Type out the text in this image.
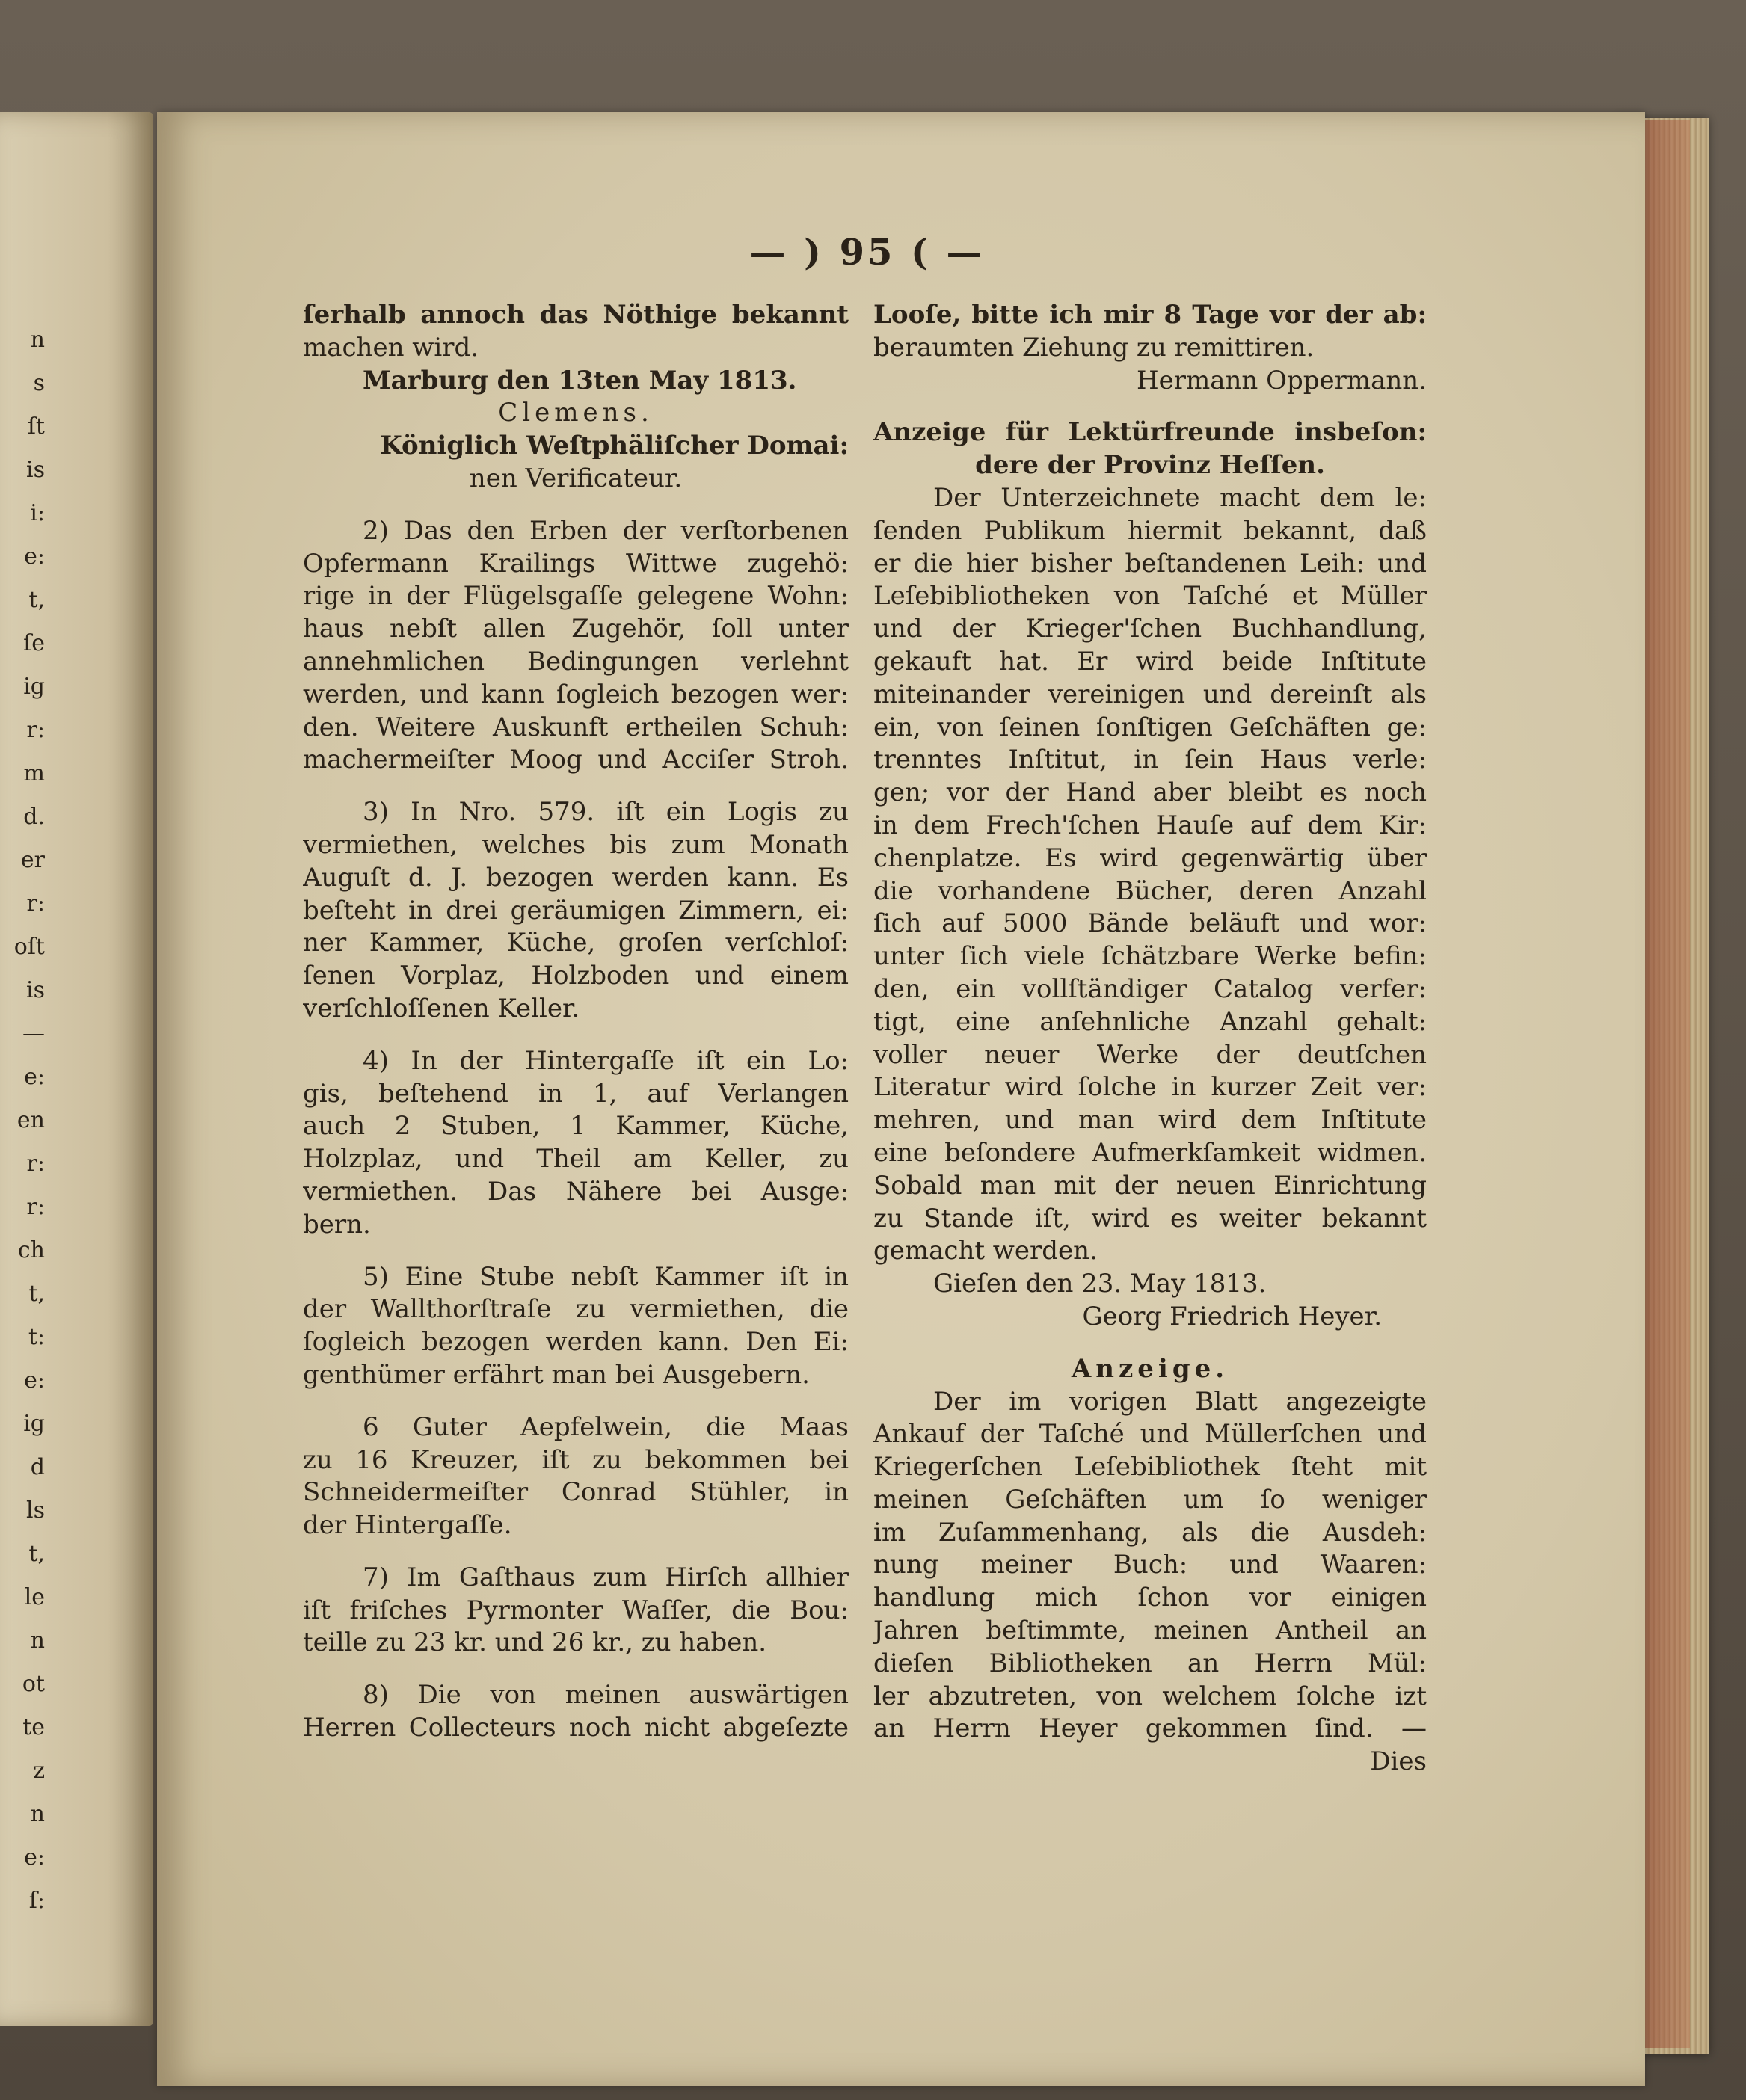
n
s
ſt
is
i:
e:
t,
ſe
ig
r:
m
d.
er
r:
oſt
is
—
e:
en
r:
r:
ch
t,
t:
e:
ig
d
ls
t,
le
n
ot
te
z
n
e:
ſ:
— ) 95 ( —
ſerhalb annoch das Nöthige bekannt
machen wird.
Marburg den 13ten May 1813.
Clemens.
Königlich Weſtphäliſcher Domai:
nen Verificateur.
2) Das den Erben der verſtorbenen
Opfermann Krailings Wittwe zugehö:
rige in der Flügelsgaſſe gelegene Wohn:
haus nebſt allen Zugehör, ſoll unter
annehmlichen Bedingungen verlehnt
werden, und kann ſogleich bezogen wer:
den. Weitere Auskunft ertheilen Schuh:
machermeiſter Moog und Acciſer Stroh.
3) In Nro. 579. iſt ein Logis zu
vermiethen, welches bis zum Monath
Auguſt d. J. bezogen werden kann. Es
beſteht in drei geräumigen Zimmern, ei:
ner Kammer, Küche, groſen verſchloſ:
ſenen Vorplaz, Holzboden und einem
verſchloſſenen Keller.
4) In der Hintergaſſe iſt ein Lo:
gis, beſtehend in 1, auf Verlangen
auch 2 Stuben, 1 Kammer, Küche,
Holzplaz, und Theil am Keller, zu
vermiethen. Das Nähere bei Ausge:
bern.
5) Eine Stube nebſt Kammer iſt in
der Wallthorſtraſe zu vermiethen, die
ſogleich bezogen werden kann. Den Ei:
genthümer erfährt man bei Ausgebern.
6 Guter Aepfelwein, die Maas
zu 16 Kreuzer, iſt zu bekommen bei
Schneidermeiſter Conrad Stühler, in
der Hintergaſſe.
7) Im Gaſthaus zum Hirſch allhier
iſt friſches Pyrmonter Waſſer, die Bou:
teille zu 23 kr. und 26 kr., zu haben.
8) Die von meinen auswärtigen
Herren Collecteurs noch nicht abgeſezte
Looſe, bitte ich mir 8 Tage vor der ab:
beraumten Ziehung zu remittiren.
Hermann Oppermann.
Anzeige für Lektürfreunde insbeſon:
dere der Provinz Heſſen.
Der Unterzeichnete macht dem le:
ſenden Publikum hiermit bekannt, daß
er die hier bisher beſtandenen Leih: und
Leſebibliotheken von Taſché et Müller
und der Krieger'ſchen Buchhandlung,
gekauft hat. Er wird beide Inſtitute
miteinander vereinigen und dereinſt als
ein, von ſeinen ſonſtigen Geſchäften ge:
trenntes Inſtitut, in ſein Haus verle:
gen; vor der Hand aber bleibt es noch
in dem Frech'ſchen Hauſe auf dem Kir:
chenplatze. Es wird gegenwärtig über
die vorhandene Bücher, deren Anzahl
ſich auf 5000 Bände beläuft und wor:
unter ſich viele ſchätzbare Werke befin:
den, ein vollſtändiger Catalog verfer:
tigt, eine anſehnliche Anzahl gehalt:
voller neuer Werke der deutſchen
Literatur wird ſolche in kurzer Zeit ver:
mehren, und man wird dem Inſtitute
eine beſondere Aufmerkſamkeit widmen.
Sobald man mit der neuen Einrichtung
zu Stande iſt, wird es weiter bekannt
gemacht werden.
Gieſen den 23. May 1813.
Georg Friedrich Heyer.
Anzeige.
Der im vorigen Blatt angezeigte
Ankauf der Taſché und Müllerſchen und
Kriegerſchen Leſebibliothek ſteht mit
meinen Geſchäften um ſo weniger
im Zuſammenhang, als die Ausdeh:
nung meiner Buch: und Waaren:
handlung mich ſchon vor einigen
Jahren beſtimmte, meinen Antheil an
dieſen Bibliotheken an Herrn Mül:
ler abzutreten, von welchem ſolche izt
an Herrn Heyer gekommen ſind. —
Dies
